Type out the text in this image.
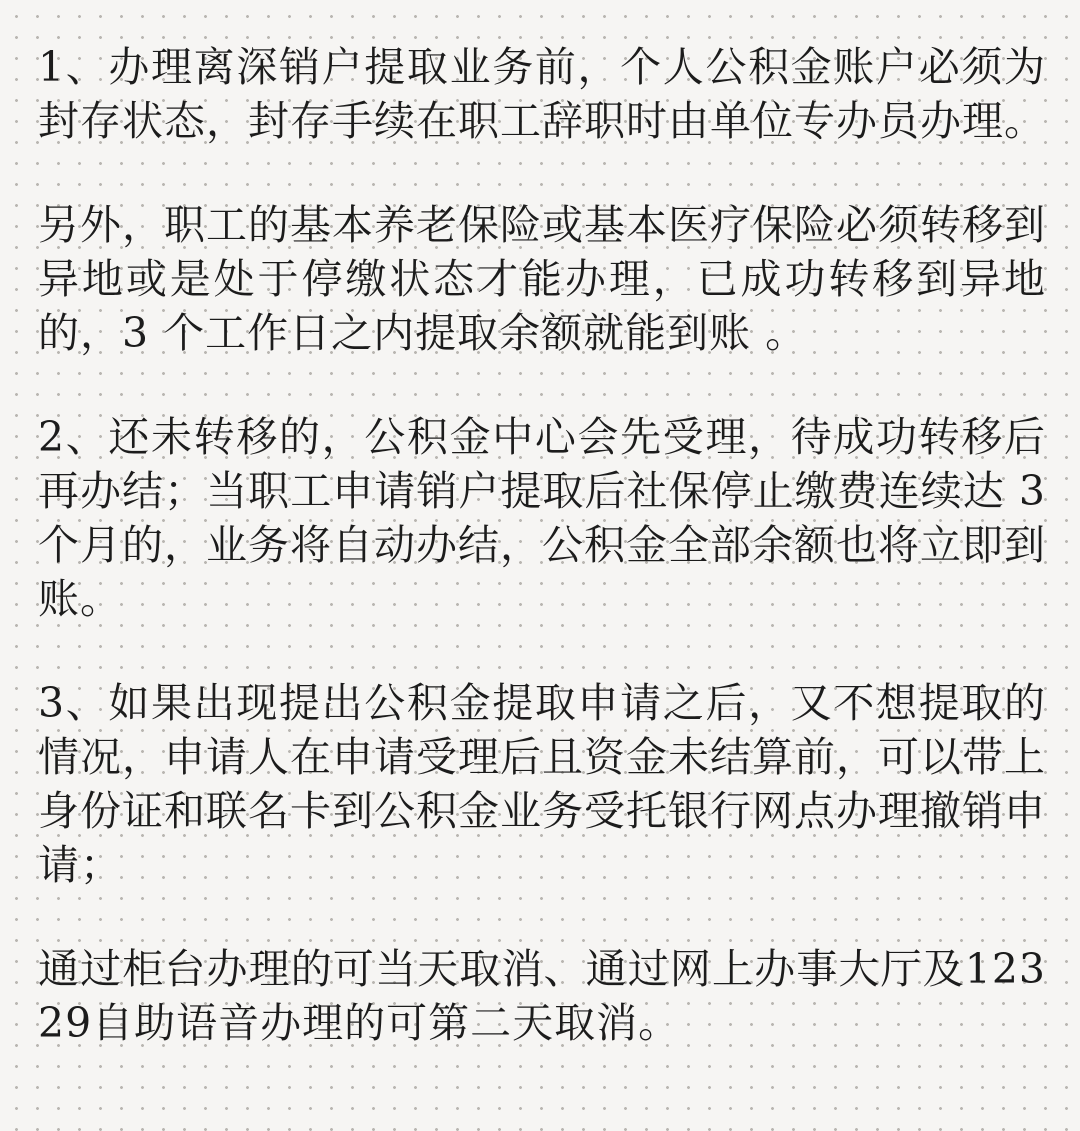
1、办理离深销户提取业务前，个人公积金账户必须为封存状态，封存手续在职工辞职时由单位专办员办理。

另外，职工的基本养老保险或基本医疗保险必须转移到异地或是处于停缴状态才能办理，已成功转移到异地的，3 个工作日之内提取余额就能到账 。

2、还未转移的，公积金中心会先受理，待成功转移后再办结；当职工申请销户提取后社保停止缴费连续达 3 个月的，业务将自动办结，公积金全部余额也将立即到账。

3、如果出现提出公积金提取申请之后，又不想提取的情况，申请人在申请受理后且资金未结算前，可以带上身份证和联名卡到公积金业务受托银行网点办理撤销申请；

通过柜台办理的可当天取消、通过网上办事大厅及12329自助语音办理的可第二天取消。
